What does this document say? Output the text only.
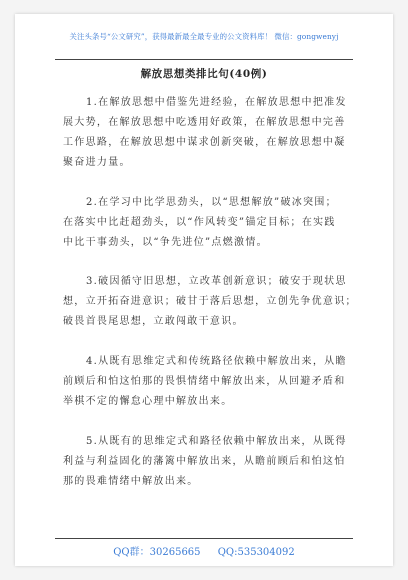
关注头条号“公文研究”，获得最新最全最专业的公文资料库！ 微信：gongwenyj
解放思想类排比句(40例)
1.在解放思想中借鉴先进经验，在解放思想中把准发
展大势，在解放思想中吃透用好政策，在解放思想中完善
工作思路，在解放思想中谋求创新突破，在解放思想中凝
聚奋进力量。
2.在学习中比学思劲头，以“思想解放”破冰突围；
在落实中比赶超劲头，以“作风转变”锚定目标；在实践
中比干事劲头，以“争先进位”点燃激情。
3.破因循守旧思想，立改革创新意识；破安于现状思
想，立开拓奋进意识；破甘于落后思想，立创先争优意识；
破畏首畏尾思想，立敢闯敢干意识。
4.从既有思维定式和传统路径依赖中解放出来，从瞻
前顾后和怕这怕那的畏惧情绪中解放出来，从回避矛盾和
举棋不定的懈怠心理中解放出来。
5.从既有的思维定式和路径依赖中解放出来，从既得
利益与利益固化的藩篱中解放出来，从瞻前顾后和怕这怕
那的畏难情绪中解放出来。
QQ群：30265665 QQ:535304092
